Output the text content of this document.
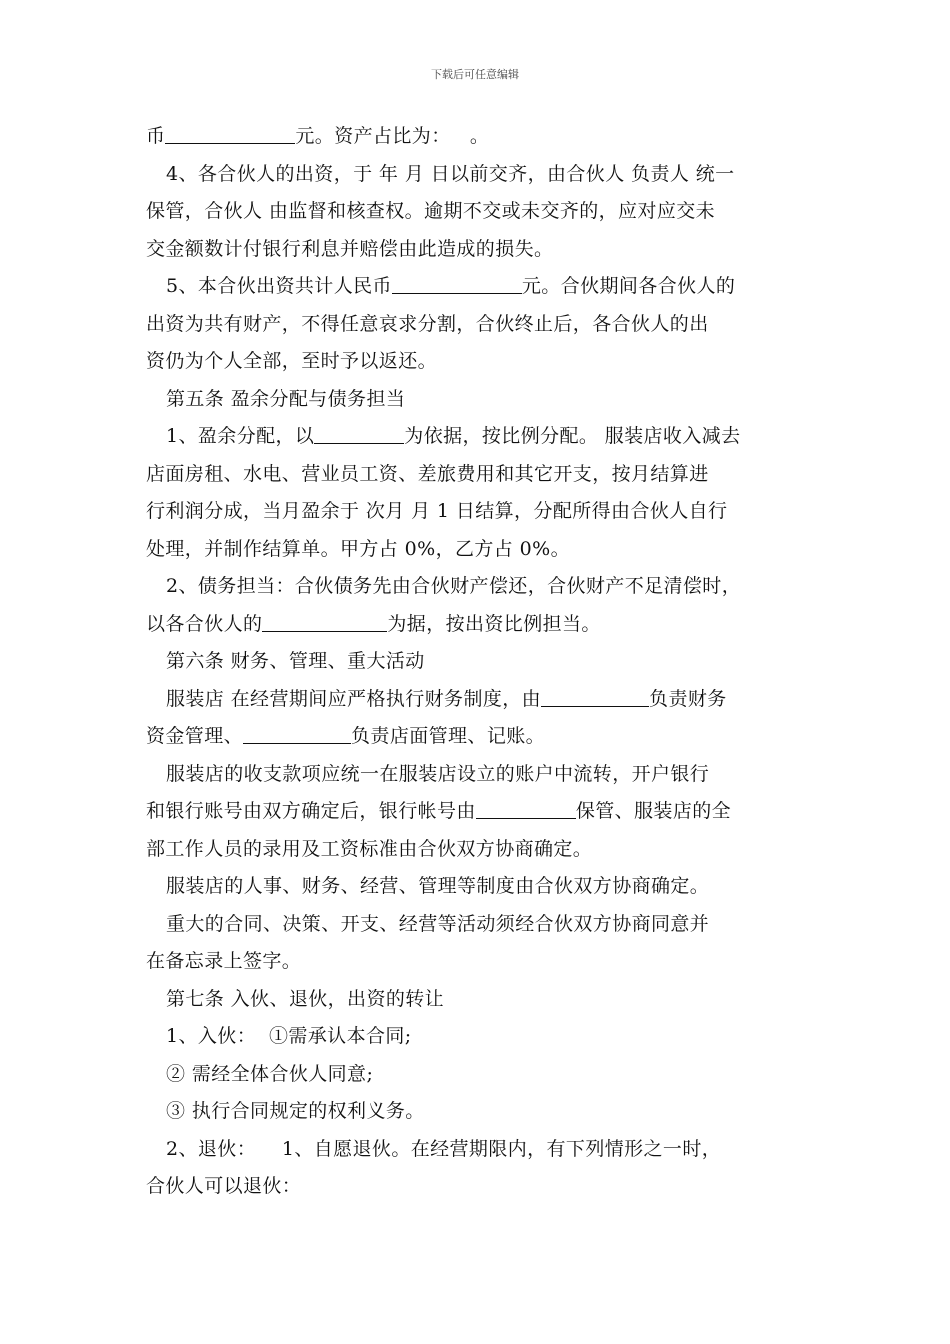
下载后可任意编辑
币	元。资产占比为：   。
4、各合伙人的出资，于 年 月 日以前交齐，由合伙人 负责人 统一
保管，合伙人 由监督和核查权。逾期不交或未交齐的，应对应交未
交金额数计付银行利息并赔偿由此造成的损失。
5、本合伙出资共计人民币	元。合伙期间各合伙人的
出资为共有财产，不得任意哀求分割，合伙终止后，各合伙人的出
资仍为个人全部，至时予以返还。
第五条 盈余分配与债务担当
1、盈余分配，以	为依据，按比例分配。 服装店收入减去
店面房租、水电、营业员工资、差旅费用和其它开支，按月结算进
行利润分成，当月盈余于 次月 月 1 日结算，分配所得由合伙人自行
处理，并制作结算单。甲方占 0%，乙方占 0%。
2、债务担当：合伙债务先由合伙财产偿还，合伙财产不足清偿时，
以各合伙人的	为据，按出资比例担当。
第六条 财务、管理、重大活动
服装店 在经营期间应严格执行财务制度，由	负责财务
资金管理、	负责店面管理、记账。
服装店的收支款项应统一在服装店设立的账户中流转，开户银行
和银行账号由双方确定后，银行帐号由	保管、服装店的全
部工作人员的录用及工资标准由合伙双方协商确定。
服装店的人事、财务、经营、管理等制度由合伙双方协商确定。
重大的合同、决策、开支、经营等活动须经合伙双方协商同意并
在备忘录上签字。
第七条 入伙、退伙，出资的转让
1、入伙：  ①需承认本合同;
② 需经全体合伙人同意;
③ 执行合同规定的权利义务。
2、退伙：    1、自愿退伙。在经营期限内，有下列情形之一时，
合伙人可以退伙：
